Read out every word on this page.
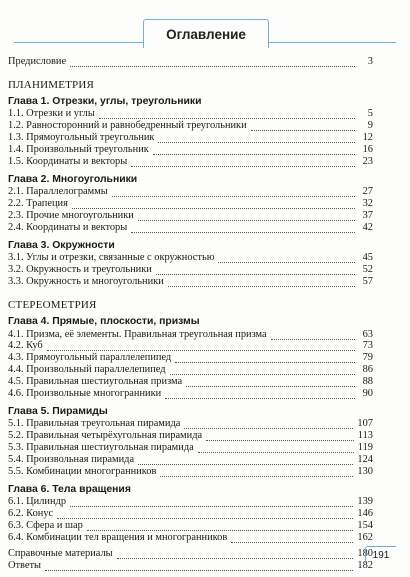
Оглавление
Предисловие	3
ПЛАНИМЕТРИЯ
Глава 1. Отрезки, углы, треугольники
1.1. Отрезки и углы	5
1.2. Равносторонний и равнобедренный треугольники	9
1.3. Прямоугольный треугольник	12
1.4. Произвольный треугольник	16
1.5. Координаты и векторы	23
Глава 2. Многоугольники
2.1. Параллелограммы	27
2.2. Трапеция	32
2.3. Прочие многоугольники	37
2.4. Координаты и векторы	42
Глава 3. Окружности
3.1. Углы и отрезки, связанные с окружностью	45
3.2. Окружность и треугольники	52
3.3. Окружность и многоугольники	57
СТЕРЕОМЕТРИЯ
Глава 4. Прямые, плоскости, призмы
4.1. Призма, её элементы. Правильная треугольная призма	63
4.2. Куб	73
4.3. Прямоугольный параллелепипед	79
4.4. Произвольный параллелепипед	86
4.5. Правильная шестиугольная призма	88
4.6. Произвольные многогранники	90
Глава 5. Пирамиды
5.1. Правильная треугольная пирамида	107
5.2. Правильная четырёхугольная пирамида	113
5.3. Правильная шестиугольная пирамида	119
5.4. Произвольная пирамида	124
5.5. Комбинации многогранников	130
Глава 6. Тела вращения
6.1. Цилиндр	139
6.2. Конус	146
6.3. Сфера и шар	154
6.4. Комбинации тел вращения и многогранников	162
Справочные материалы	180
Ответы	182
191
